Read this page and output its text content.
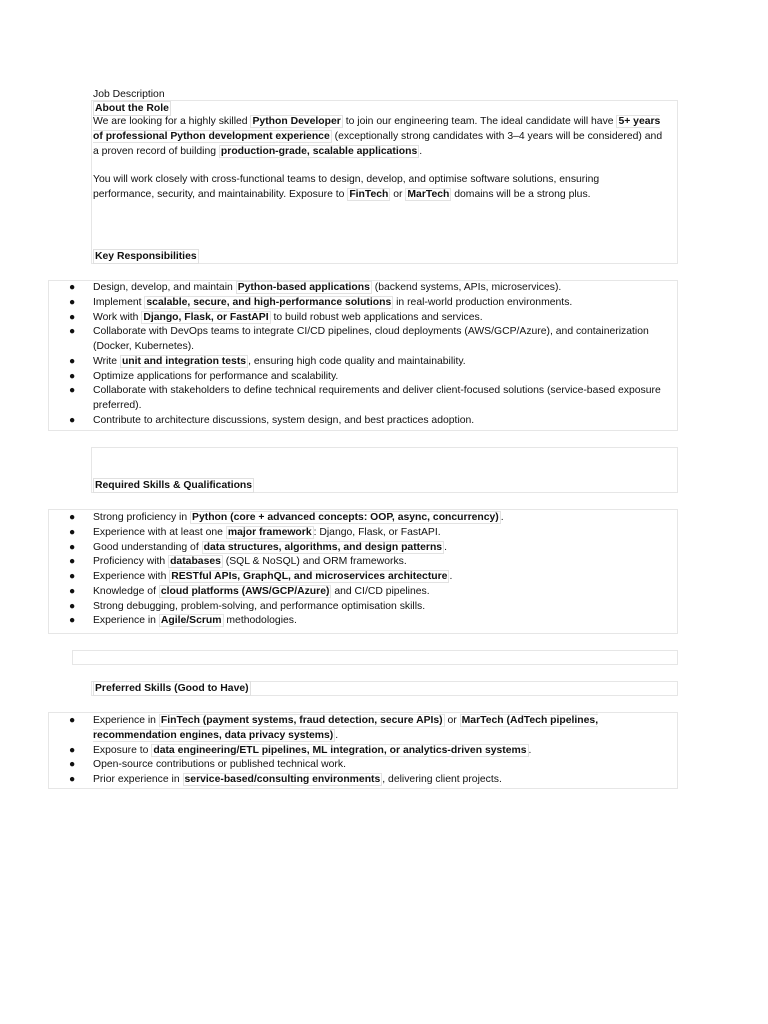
Job Description
About the Role
We are looking for a highly skilled Python Developer to join our engineering team. The ideal candidate will have 5+ years of professional Python development experience (exceptionally strong candidates with 3–4 years will be considered) and a proven record of building production-grade, scalable applications .
You will work closely with cross-functional teams to design, develop, and optimise software solutions, ensuring performance, security, and maintainability. Exposure to FinTech or MarTech domains will be a strong plus.
Key Responsibilities
● Design, develop, and maintain Python-based applications (backend systems, APIs, microservices).
● Implement scalable, secure, and high-performance solutions in real-world production environments.
● Work with Django, Flask, or FastAPI to build robust web applications and services.
● Collaborate with DevOps teams to integrate CI/CD pipelines, cloud deployments (AWS/GCP/Azure), and containerization (Docker, Kubernetes).
● Write unit and integration tests , ensuring high code quality and maintainability.
● Optimize applications for performance and scalability.
● Collaborate with stakeholders to define technical requirements and deliver client-focused solutions (service-based exposure preferred).
● Contribute to architecture discussions, system design, and best practices adoption.
Required Skills & Qualifications
● Strong proficiency in Python (core + advanced concepts: OOP, async, concurrency) .
● Experience with at least one major framework : Django, Flask, or FastAPI.
● Good understanding of data structures, algorithms, and design patterns .
● Proficiency with databases (SQL & NoSQL) and ORM frameworks.
● Experience with RESTful APIs, GraphQL, and microservices architecture .
● Knowledge of cloud platforms (AWS/GCP/Azure) and CI/CD pipelines.
● Strong debugging, problem-solving, and performance optimisation skills.
● Experience in Agile/Scrum methodologies.
Preferred Skills (Good to Have)
● Experience in FinTech (payment systems, fraud detection, secure APIs) or MarTech (AdTech pipelines, recommendation engines, data privacy systems) .
● Exposure to data engineering/ETL pipelines, ML integration, or analytics-driven systems .
● Open-source contributions or published technical work.
● Prior experience in service-based/consulting environments , delivering client projects.
